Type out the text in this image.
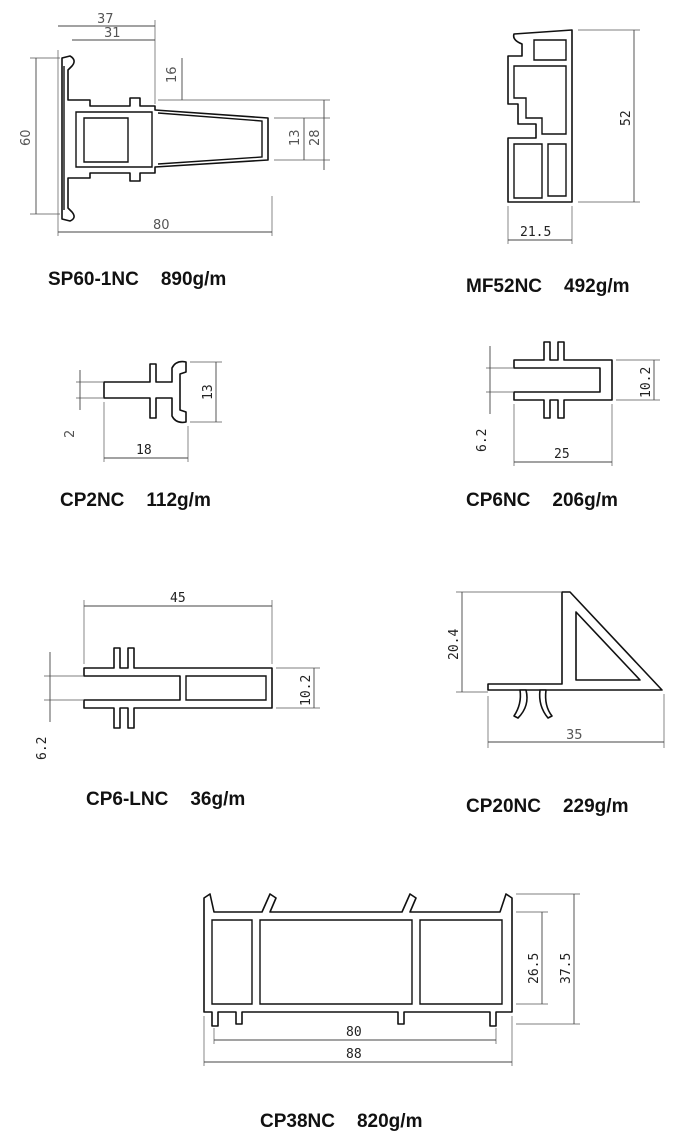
37
31
16
60	13 28
80
52
21.5
13
2
18
10.2
6.2
25
45
10.2
6.2
20.4
35
26.5 37.5
80
88
SP60-1NC 890g/m	MF52NC 492g/m
CP2NC 112g/m	CP6NC 206g/m
CP6-LNC 36g/m	CP20NC 229g/m
CP38NC 820g/m
